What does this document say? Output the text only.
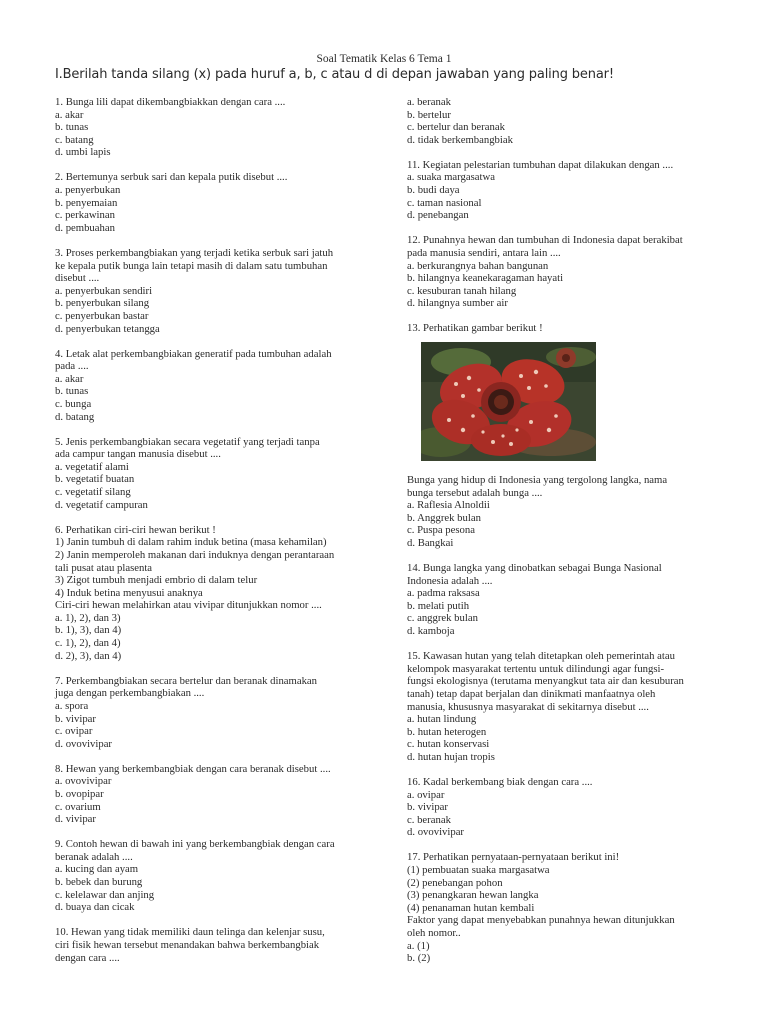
Soal Tematik Kelas 6 Tema 1
I.Berilah tanda silang (x) pada huruf a, b, c atau d di depan jawaban yang paling benar!
1. Bunga lili dapat dikembangbiakkan dengan cara ....
a. akar
b. tunas
c. batang
d. umbi lapis
2. Bertemunya serbuk sari dan kepala putik disebut ....
a. penyerbukan
b. penyemaian
c. perkawinan
d. pembuahan
3. Proses perkembangbiakan yang terjadi ketika serbuk sari jatuh
ke kepala putik bunga lain tetapi masih di dalam satu tumbuhan
disebut ....
a. penyerbukan sendiri
b. penyerbukan silang
c. penyerbukan bastar
d. penyerbukan tetangga
4. Letak alat perkembangbiakan generatif pada tumbuhan adalah
pada ....
a. akar
b. tunas
c. bunga
d. batang
5. Jenis perkembangbiakan secara vegetatif yang terjadi tanpa
ada campur tangan manusia disebut ....
a. vegetatif alami
b. vegetatif buatan
c. vegetatif silang
d. vegetatif campuran
6. Perhatikan ciri-ciri hewan berikut !
1) Janin tumbuh di dalam rahim induk betina (masa kehamilan)
2) Janin memperoleh makanan dari induknya dengan perantaraan
tali pusat atau plasenta
3) Zigot tumbuh menjadi embrio di dalam telur
4) Induk betina menyusui anaknya
Ciri-ciri hewan melahirkan atau vivipar ditunjukkan nomor ....
a. 1), 2), dan 3)
b. 1), 3), dan 4)
c. 1), 2), dan 4)
d. 2), 3), dan 4)
7. Perkembangbiakan secara bertelur dan beranak dinamakan
juga dengan perkembangbiakan ....
a. spora
b. vivipar
c. ovipar
d. ovovivipar
8. Hewan yang berkembangbiak dengan cara beranak disebut ....
a. ovovivipar
b. ovopipar
c. ovarium
d. vivipar
9. Contoh hewan di bawah ini yang berkembangbiak dengan cara
beranak adalah ....
a. kucing dan ayam
b. bebek dan burung
c. kelelawar dan anjing
d. buaya dan cicak
10. Hewan yang tidak memiliki daun telinga dan kelenjar susu,
ciri fisik hewan tersebut menandakan bahwa berkembangbiak
dengan cara ....
a. beranak
b. bertelur
c. bertelur dan beranak
d. tidak berkembangbiak
11. Kegiatan pelestarian tumbuhan dapat dilakukan dengan ....
a. suaka margasatwa
b. budi daya
c. taman nasional
d. penebangan
12. Punahnya hewan dan tumbuhan di Indonesia dapat berakibat
pada manusia sendiri, antara lain ....
a. berkurangnya bahan bangunan
b. hilangnya keanekaragaman hayati
c. kesuburan tanah hilang
d. hilangnya sumber air
13. Perhatikan gambar berikut !
Bunga yang hidup di Indonesia yang tergolong langka, nama
bunga tersebut adalah bunga ....
a. Raflesia Alnoldii
b. Anggrek bulan
c. Puspa pesona
d. Bangkai
14. Bunga langka yang dinobatkan sebagai Bunga Nasional
Indonesia adalah ....
a. padma raksasa
b. melati putih
c. anggrek bulan
d. kamboja
15. Kawasan hutan yang telah ditetapkan oleh pemerintah atau
kelompok masyarakat tertentu untuk dilindungi agar fungsi-
fungsi ekologisnya (terutama menyangkut tata air dan kesuburan
tanah) tetap dapat berjalan dan dinikmati manfaatnya oleh
manusia, khususnya masyarakat di sekitarnya disebut ....
a. hutan lindung
b. hutan heterogen
c. hutan konservasi
d. hutan hujan tropis
16. Kadal berkembang biak dengan cara ....
a. ovipar
b. vivipar
c. beranak
d. ovovivipar
17. Perhatikan pernyataan-pernyataan berikut ini!
(1) pembuatan suaka margasatwa
(2) penebangan pohon
(3) penangkaran hewan langka
(4) penanaman hutan kembali
Faktor yang dapat menyebabkan punahnya hewan ditunjukkan
oleh nomor..
a. (1)
b. (2)
